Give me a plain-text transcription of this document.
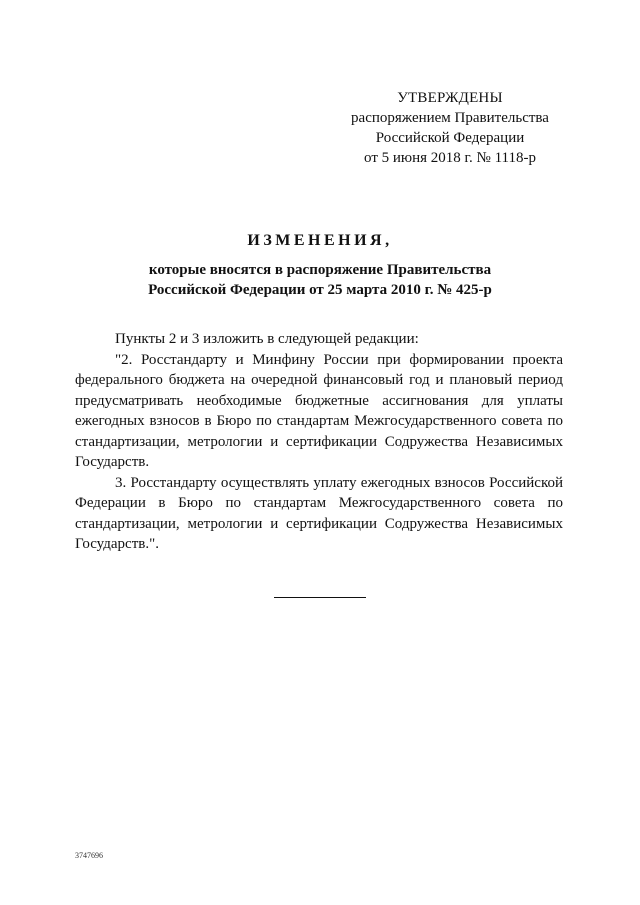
УТВЕРЖДЕНЫ
распоряжением Правительства
Российской Федерации
от 5 июня 2018 г. № 1118-р
ИЗМЕНЕНИЯ,
которые вносятся в распоряжение Правительства
Российской Федерации от 25 марта 2010 г. № 425-р

Пункты 2 и 3 изложить в следующей редакции:

"2. Росстандарту и Минфину России при формировании проекта федерального бюджета на очередной финансовый год и плановый период предусматривать необходимые бюджетные ассигнования для уплаты ежегодных взносов в Бюро по стандартам Межгосударственного совета по стандартизации, метрологии и сертификации Содружества Независимых Государств.

3. Росстандарту осуществлять уплату ежегодных взносов Российской Федерации в Бюро по стандартам Межгосударственного совета по стандартизации, метрологии и сертификации Содружества Независимых Государств.".

3747696
